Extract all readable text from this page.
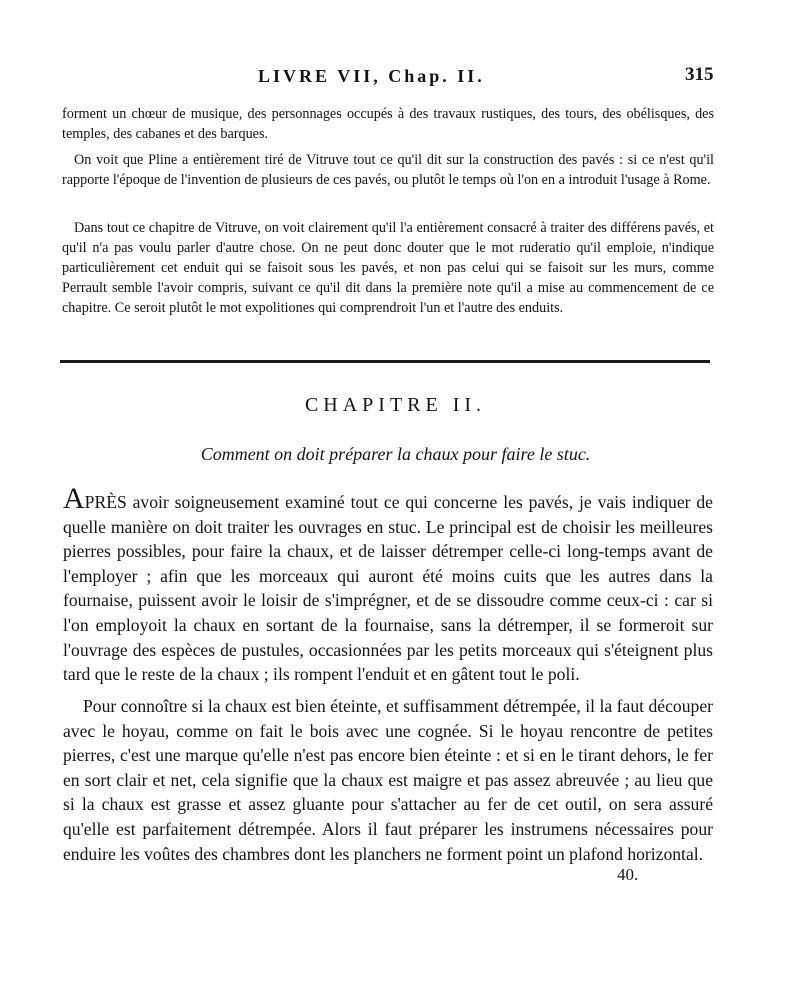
LIVRE VII, Chap. II.	315

forment un chœur de musique, des personnages occupés à des travaux rustiques, des tours, des obélisques, des temples, des cabanes et des barques.

On voit que Pline a entièrement tiré de Vitruve tout ce qu'il dit sur la construction des pavés : si ce n'est qu'il rapporte l'époque de l'invention de plusieurs de ces pavés, ou plutôt le temps où l'on en a introduit l'usage à Rome.

Dans tout ce chapitre de Vitruve, on voit clairement qu'il l'a entièrement consacré à traiter des différens pavés, et qu'il n'a pas voulu parler d'autre chose. On ne peut donc douter que le mot ruderatio qu'il emploie, n'indique particulièrement cet enduit qui se faisoit sous les pavés, et non pas celui qui se faisoit sur les murs, comme Perrault semble l'avoir compris, suivant ce qu'il dit dans la première note qu'il a mise au commencement de ce chapitre. Ce seroit plutôt le mot expolitiones qui comprendroit l'un et l'autre des enduits.

CHAPITRE II.
Comment on doit préparer la chaux pour faire le stuc.

APRÈS avoir soigneusement examiné tout ce qui concerne les pavés, je vais indiquer de quelle manière on doit traiter les ouvrages en stuc. Le principal est de choisir les meilleures pierres possibles, pour faire la chaux, et de laisser détremper celle-ci long-temps avant de l'employer ; afin que les morceaux qui auront été moins cuits que les autres dans la fournaise, puissent avoir le loisir de s'imprégner, et de se dissoudre comme ceux-ci : car si l'on employoit la chaux en sortant de la fournaise, sans la détremper, il se formeroit sur l'ouvrage des espèces de pustules, occasionnées par les petits morceaux qui s'éteignent plus tard que le reste de la chaux ; ils rompent l'enduit et en gâtent tout le poli.

Pour connoître si la chaux est bien éteinte, et suffisamment détrempée, il la faut découper avec le hoyau, comme on fait le bois avec une cognée. Si le hoyau rencontre de petites pierres, c'est une marque qu'elle n'est pas encore bien éteinte : et si en le tirant dehors, le fer en sort clair et net, cela signifie que la chaux est maigre et pas assez abreuvée ; au lieu que si la chaux est grasse et assez gluante pour s'attacher au fer de cet outil, on sera assuré qu'elle est parfaitement détrempée. Alors il faut préparer les instrumens nécessaires pour enduire les voûtes des chambres dont les planchers ne forment point un plafond horizontal.

40.
